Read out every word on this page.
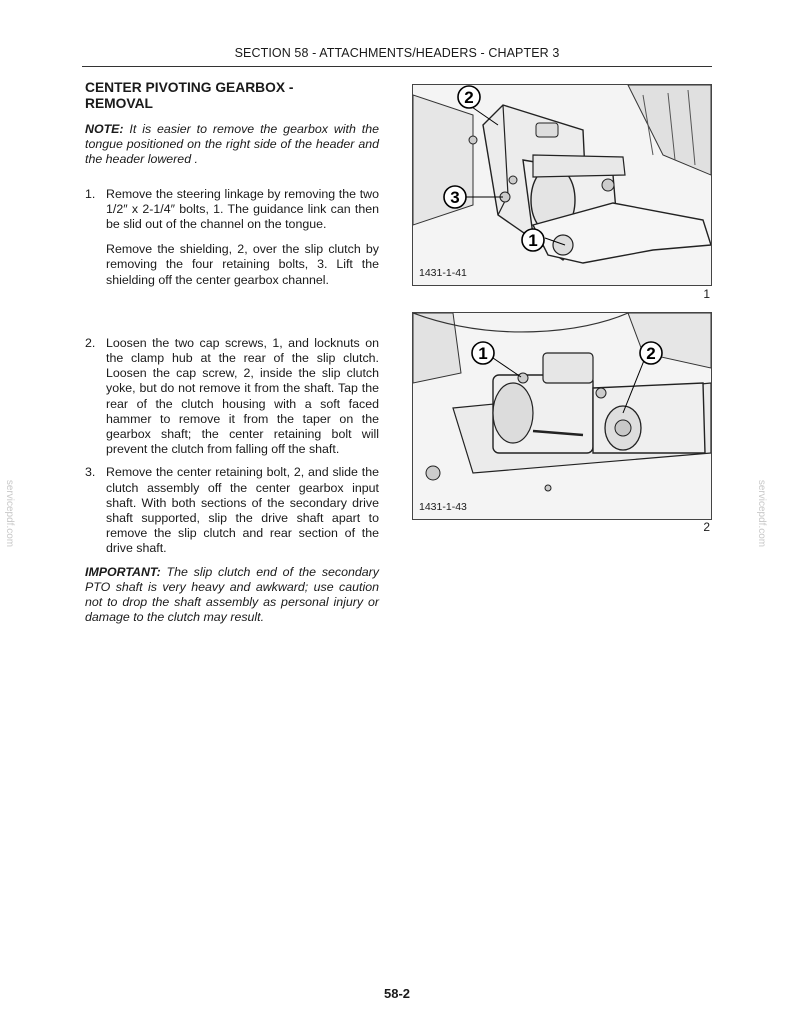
SECTION 58 - ATTACHMENTS/HEADERS - CHAPTER 3
CENTER PIVOTING GEARBOX -
REMOVAL

NOTE: It is easier to remove the gearbox with the tongue positioned on the right side of the header and the header lowered .

1. Remove the steering linkage by removing the two 1/2″ x 2-1/4″ bolts, 1. The guidance link can then be slid out of the channel on the tongue.

Remove the shielding, 2, over the slip clutch by removing the four retaining bolts, 3. Lift the shielding off the center gearbox channel.

2. Loosen the two cap screws, 1, and locknuts on the clamp hub at the rear of the slip clutch. Loosen the cap screw, 2, inside the slip clutch yoke, but do not remove it from the shaft. Tap the rear of the clutch housing with a soft faced hammer to remove it from the taper on the gearbox shaft; the center retaining bolt will prevent the clutch from falling off the shaft.

3. Remove the center retaining bolt, 2, and slide the clutch assembly off the center gearbox input shaft. With both sections of the secondary drive shaft supported, slip the drive shaft apart to remove the slip clutch and rear section of the drive shaft.

IMPORTANT: The slip clutch end of the secondary PTO shaft is very heavy and awkward; use caution not to drop the shaft assembly as personal injury or damage to the clutch may result.

2
3
1
1431-1-41
1
1	2
1431-1-43
2
servicepdf.com	servicepdf.com
58-2
